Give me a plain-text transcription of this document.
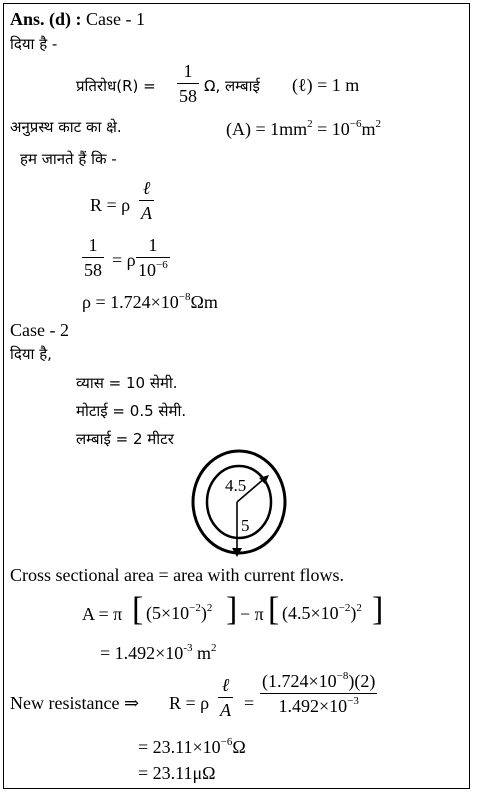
Ans. (d) : Case - 1
दिया है -
प्रतिरोध(R) = $\frac{1}{58} \Omega$, लम्बाई (ℓ) = 1 m
अनुप्रस्थ काट का क्षे.	$(A) = 1mm^2 = 10^{-6}m^2$
हम जानते हैं कि -
R = ρ
ℓ
A
$\frac{1}{58} = \rho \frac{1}{10^{-6}}$
$\rho = 1.724\times 10^{-8}\Omega m$
Case - 2
दिया है,
व्यास = 10 सेमी.
मोटाई = 0.5 सेमी.
लम्बाई = 2 मीटर
4.5
5
Cross sectional area = area with current flows.
A = π [ $(5\times 10^{-2})^2$ ] − π [ $(4.5\times 10^{-2})^2$ ]
= $1.492\times 10^{-3}$ $m^2$
New resistance ⇒ R = ρ
ℓ
$A = \frac{(1.724\times 10^{-8})(2)}{1.492\times 10^{-3}}$
= $23.11\times 10^{-6}\Omega$
= 23.11μΩ
